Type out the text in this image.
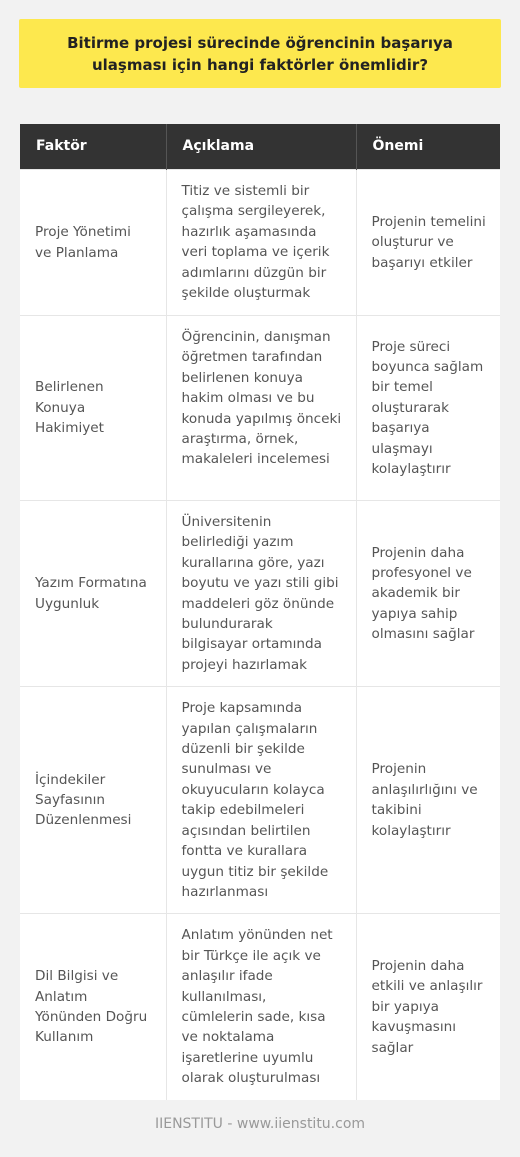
Bitirme projesi sürecinde öğrencinin başarıya ulaşması için hangi faktörler önemlidir?
Faktör	Açıklama	Önemi
Proje Yönetimi ve Planlama	Titiz ve sistemli bir çalışma sergileyerek, hazırlık aşamasında veri toplama ve içerik adımlarını düzgün bir şekilde oluşturmak	Projenin temelini oluşturur ve başarıyı etkiler
Belirlenen Konuya Hakimiyet	Öğrencinin, danışman öğretmen tarafından belirlenen konuya hakim olması ve bu konuda yapılmış önceki araştırma, örnek, makaleleri incelemesi	Proje süreci boyunca sağlam bir temel oluşturarak başarıya ulaşmayı kolaylaştırır
Yazım Formatına Uygunluk	Üniversitenin belirlediği yazım kurallarına göre, yazı boyutu ve yazı stili gibi maddeleri göz önünde bulundurarak bilgisayar ortamında projeyi hazırlamak	Projenin daha profesyonel ve akademik bir yapıya sahip olmasını sağlar
İçindekiler Sayfasının Düzenlenmesi	Proje kapsamında yapılan çalışmaların düzenli bir şekilde sunulması ve okuyucuların kolayca takip edebilmeleri açısından belirtilen fontta ve kurallara uygun titiz bir şekilde hazırlanması	Projenin anlaşılırlığını ve takibini kolaylaştırır
Dil Bilgisi ve Anlatım Yönünden Doğru Kullanım	Anlatım yönünden net bir Türkçe ile açık ve anlaşılır ifade kullanılması, cümlelerin sade, kısa ve noktalama işaretlerine uyumlu olarak oluşturulması	Projenin daha etkili ve anlaşılır bir yapıya kavuşmasını sağlar
IIENSTITU - www.iienstitu.com
